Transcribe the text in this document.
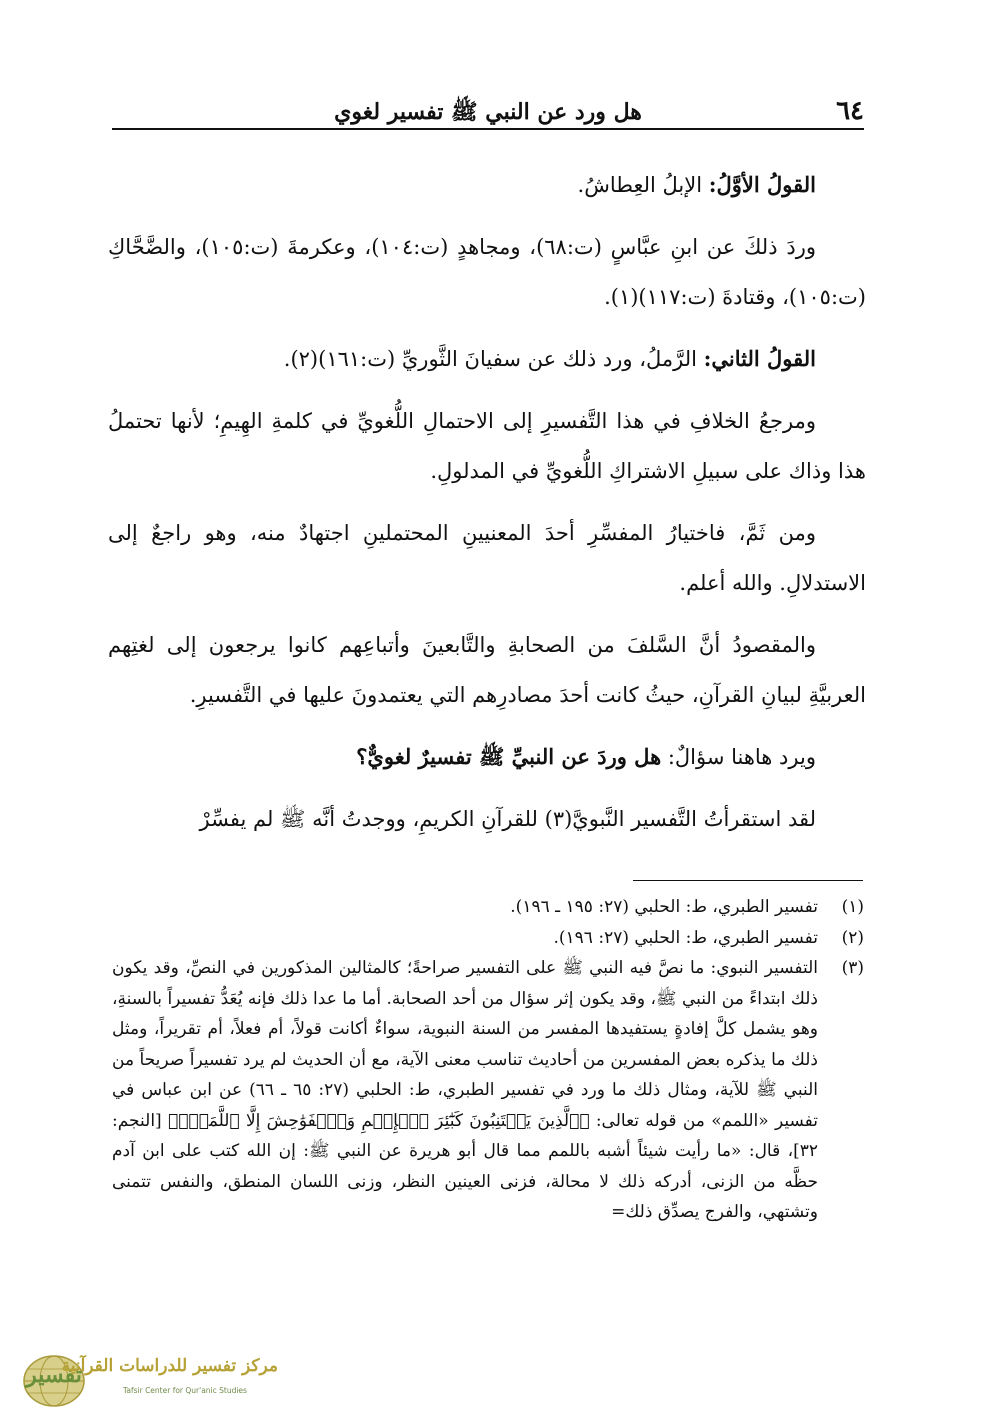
٦٤
هل ورد عن النبي ﷺ تفسير لغوي

القولُ الأوَّلُ: الإبلُ العِطاشُ.

وردَ ذلكَ عن ابنِ عبَّاسٍ (ت:٦٨)، ومجاهدٍ (ت:١٠٤)، وعكرمةَ (ت:١٠٥)، والضَّحَّاكِ (ت:١٠٥)، وقتادةَ (ت:١١٧)(١).

القولُ الثاني: الرَّملُ، ورد ذلك عن سفيانَ الثَّوريِّ (ت:١٦١)(٢).

ومرجعُ الخلافِ في هذا التَّفسيرِ إلى الاحتمالِ اللُّغويِّ في كلمةِ الهِيمِ؛ لأنها تحتملُ هذا وذاك على سبيلِ الاشتراكِ اللُّغويِّ في المدلولِ.

ومن ثَمَّ، فاختيارُ المفسِّرِ أحدَ المعنيينِ المحتملينِ اجتهادٌ منه، وهو راجعٌ إلى الاستدلالِ. والله أعلم.

والمقصودُ أنَّ السَّلفَ من الصحابةِ والتَّابعينَ وأتباعِهم كانوا يرجعون إلى لغتِهم العربيَّةِ لبيانِ القرآنِ، حيثُ كانت أحدَ مصادرِهم التي يعتمدونَ عليها في التَّفسيرِ.

ويرد هاهنا سؤالٌ: هل وردَ عن النبيِّ ﷺ تفسيرٌ لغويٌّ؟

لقد استقرأتُ التَّفسير النَّبويَّ(٣) للقرآنِ الكريمِ، ووجدتُ أنَّه ﷺ لم يفسِّرْ

(١)
تفسير الطبري، ط: الحلبي (٢٧: ١٩٥ ـ ١٩٦).
(٢)
تفسير الطبري، ط: الحلبي (٢٧: ١٩٦).
(٣)
التفسير النبوي: ما نصَّ فيه النبي ﷺ على التفسير صراحةً؛ كالمثالين المذكورين في النصِّ، وقد يكون ذلك ابتداءً من النبي ﷺ، وقد يكون إثر سؤال من أحد الصحابة. أما ما عدا ذلك فإنه يُعَدُّ تفسيراً بالسنةِ، وهو يشمل كلَّ إفادةٍ يستفيدها المفسر من السنة النبوية، سواءٌ أكانت قولاً، أم فعلاً، أم تقريراً، ومثل ذلك ما يذكره بعض المفسرين من أحاديث تناسب معنى الآية، مع أن الحديث لم يرد تفسيراً صريحاً من النبي ﷺ للآية، ومثال ذلك ما ورد في تفسير الطبري، ط: الحلبي (٢٧: ٦٥ ـ ٦٦) عن ابن عباس في تفسير «اللمم» من قوله تعالى: ﴿ٱلَّذِينَ يَجۡتَنِبُونَ كَبَٰٓئِرَ ٱلۡإِثۡمِ وَٱلۡفَوَٰحِشَ إِلَّا ٱللَّمَمَۚ﴾ [النجم: ٣٢]، قال: «ما رأيت شيئاً أشبه باللمم مما قال أبو هريرة عن النبي ﷺ: إن الله كتب على ابن آدم حظَّه من الزنى، أدركه ذلك لا محالة، فزنى العينين النظر، وزنى اللسان المنطق، والنفس تتمنى وتشتهي، والفرج يصدِّق ذلك=
تفسير
مركز تفسير للدراسات القرآنية
Tafsir Center for Qur'anic Studies
